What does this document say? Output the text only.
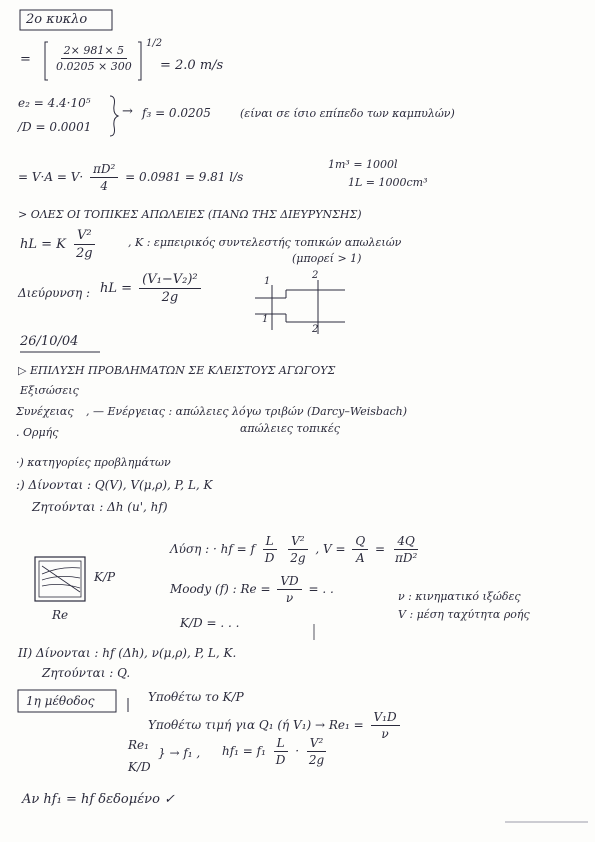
2ο κυκλο
= $\frac{2\times 981\times 5}{0.0205 \times 300}$
1/2
= 2.0 m/s
e₂ = 4.4·10⁵
/D = 0.0001
→ f₃ = 0.0205	(είναι σε ίσιο επίπεδο των καμπυλών)
= $V\cdot A = V\cdot \frac{\text{πD²}}{4} = 0.0981 = 9.81$ l/s
1m³ = 1000l
1L = 1000cm³
> ΟΛΕΣ ΟΙ ΤΟΠΙΚΕΣ ΑΠΩΛΕΙΕΣ (ΠΑΝΩ ΤΗΣ ΔΙΕΥΡΥΝΣΗΣ)
hL = K $\frac{\text{V²}}{2g}$	, K : εμπειρικός συντελεστής τοπικών απωλειών
(μπορεί > 1)
Διεύρυνση : hL = $\frac{\text{(V₁−V₂)²}}{2g}$	1
1
2
2
26/10/04
▷ ΕΠΙΛΥΣΗ ΠΡΟΒΛΗΜΑΤΩΝ ΣΕ ΚΛΕΙΣΤΟΥΣ ΑΓΩΓΟΥΣ
Εξισώσεις
Συνέχειας , — Ενέργειας : απώλειες λόγω τριβών (Darcy–Weisbach)
απώλειες τοπικές
. Ορμής
·) κατηγορίες προβλημάτων
:) Δίνονται : Q(V), V(μ,ρ), P, L, K
Ζητούνται : Δh (u', hf)
Λύση : · hf = f $\frac{L}{D}$
$\frac{\text{V²}}{2g}$ , $V = \frac{Q}{A} = \frac{4Q}{\text{πD²}}$
Moody (f) : $Re = \frac{VD}{\nu}$ = . .
ν : κινηματικό ιξώδες
V : μέση ταχύτητα ροής
K/D = . . .
K/P
Re
II) Δίνονται : hf (Δh), ν(μ,ρ), P, L, K.
Ζητούνται : Q.
1η μέθοδος	Υποθέτω το K/P
Υποθέτω τιμή για Q₁ (ή $V_1) \to Re_1 = \frac{\text{V₁D}}{\nu}$
Re₁
K/D
} → f₁ , $hf_1 = f_1 \frac{L}{D} \cdot \frac{\text{V²}}{2g}$
Αν hf₁ = hf δεδομένο ✓
